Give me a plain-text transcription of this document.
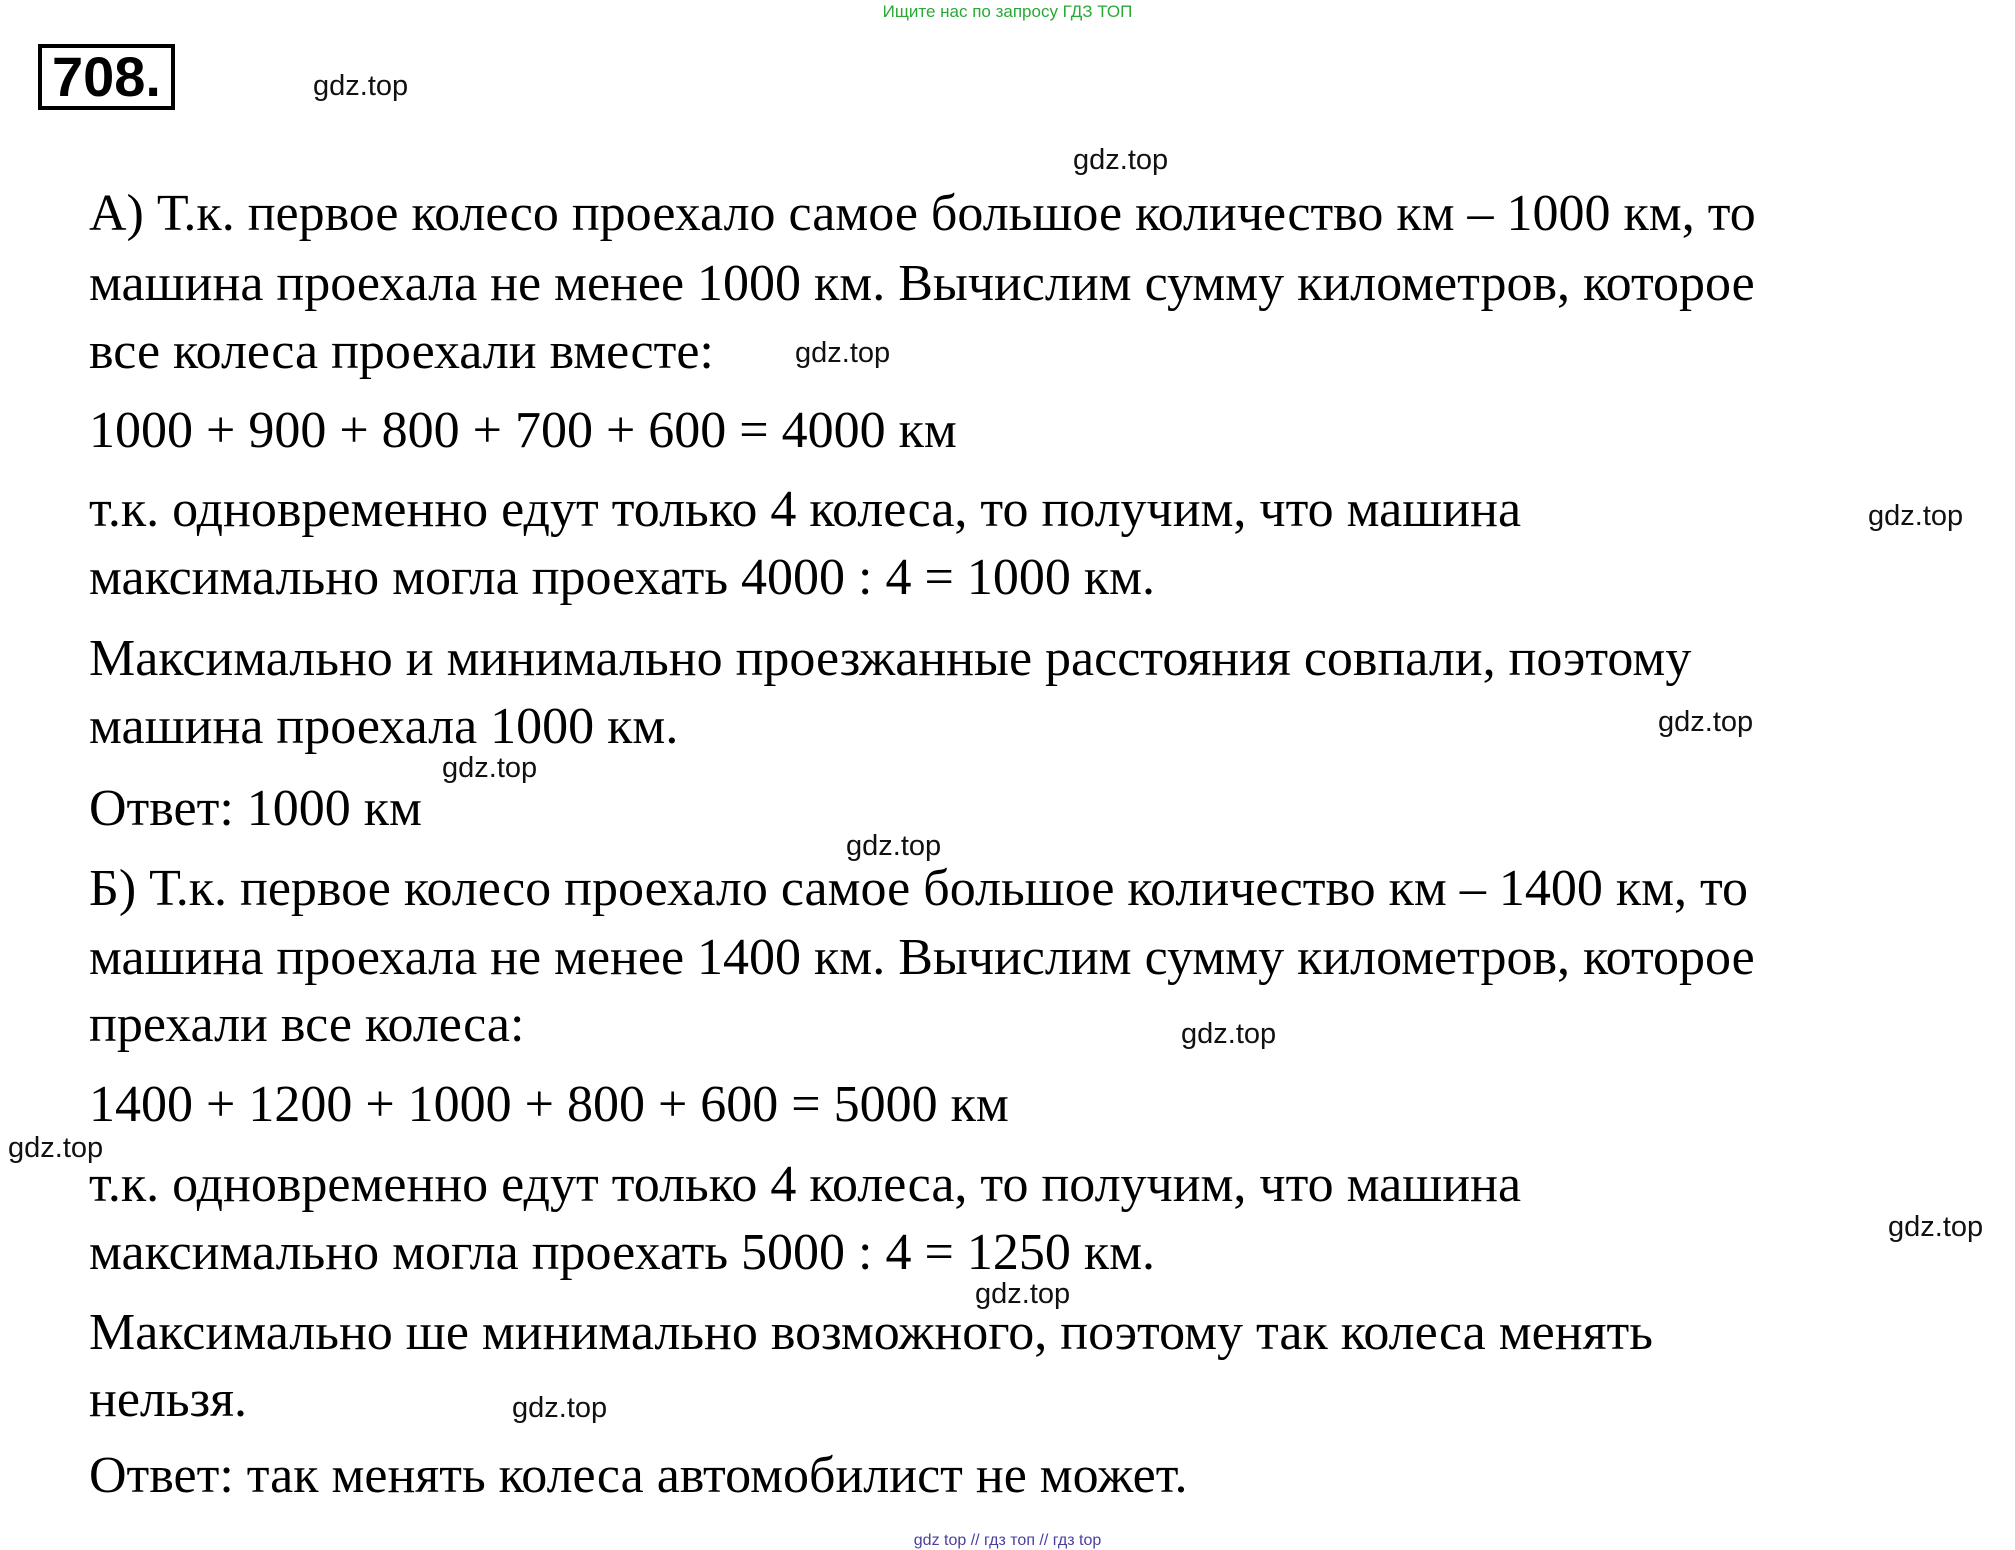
Ищите нас по запросу ГДЗ ТОП
708.
А) Т.к. первое колесо проехало самое большое количество км – 1000 км, то
машина проехала не менее 1000 км. Вычислим сумму километров, которое
все колеса проехали вместе:
1000 + 900 + 800 + 700 + 600 = 4000 км
т.к. одновременно едут только 4 колеса, то получим, что машина
максимально могла проехать 4000 : 4 = 1000 км.
Максимально и минимально проезжанные расстояния совпали, поэтому
машина проехала 1000 км.
Ответ: 1000 км
Б) Т.к. первое колесо проехало самое большое количество км – 1400 км, то
машина проехала не менее 1400 км. Вычислим сумму километров, которое
прехали все колеса:
1400 + 1200 + 1000 + 800 + 600 = 5000 км
т.к. одновременно едут только 4 колеса, то получим, что машина
максимально могла проехать 5000 : 4 = 1250 км.
Максимально ше минимально возможного, поэтому так колеса менять
нельзя.
Ответ: так менять колеса автомобилист не может.
gdz.top
gdz.top
gdz.top
gdz.top
gdz.top
gdz.top
gdz.top
gdz.top
gdz.top
gdz.top
gdz.top
gdz.top
gdz top // гдз топ // гдз top
